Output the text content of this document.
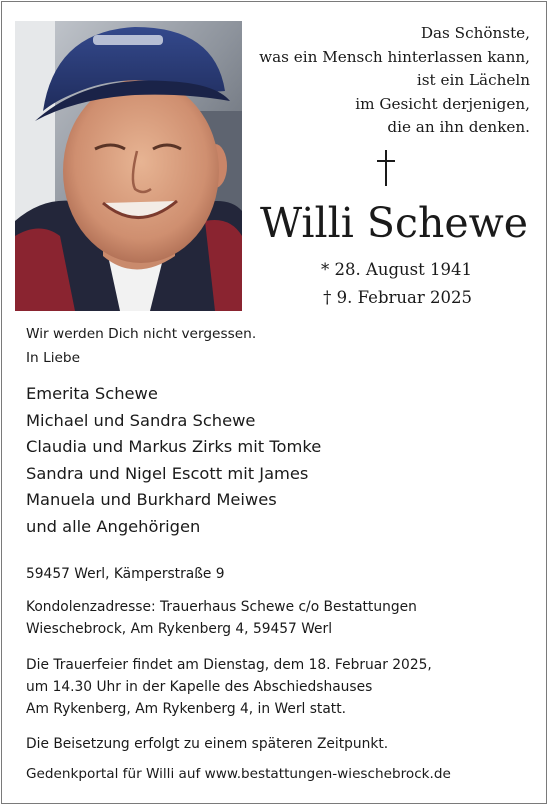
Das Schönste,
was ein Mensch hinterlassen kann,
ist ein Lächeln
im Gesicht derjenigen,
die an ihn denken.
Willi Schewe
* 28. August 1941
† 9. Februar 2025
Wir werden Dich nicht vergessen.
In Liebe
Emerita Schewe
Michael und Sandra Schewe
Claudia und Markus Zirks mit Tomke
Sandra und Nigel Escott mit James
Manuela und Burkhard Meiwes
und alle Angehörigen
59457 Werl, Kämperstraße 9
Kondolenzadresse: Trauerhaus Schewe c/o Bestattungen
Wieschebrock, Am Rykenberg 4, 59457 Werl
Die Trauerfeier findet am Dienstag, dem 18. Februar 2025,
um 14.30 Uhr in der Kapelle des Abschiedshauses
Am Rykenberg, Am Rykenberg 4, in Werl statt.
Die Beisetzung erfolgt zu einem späteren Zeitpunkt.
Gedenkportal für Willi auf www.bestattungen-wieschebrock.de
